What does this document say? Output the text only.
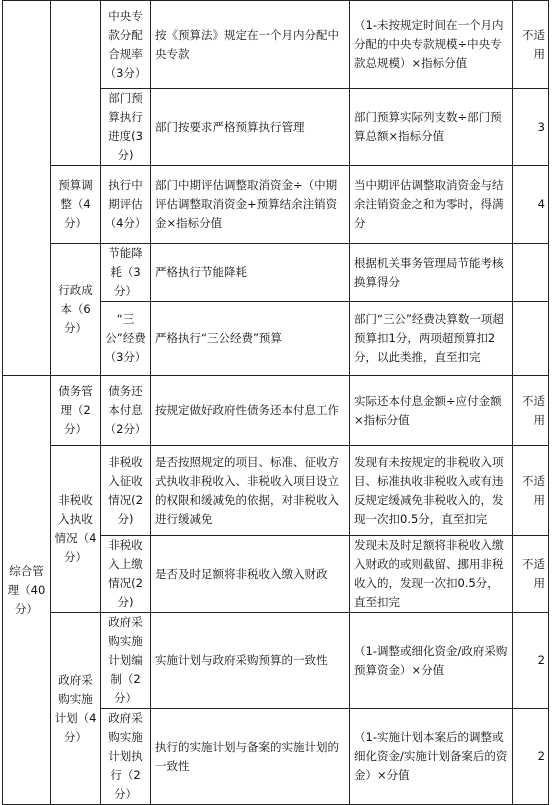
		中央专款分配合规率（3分）	按《预算法》规定在一个月内分配中央专款	（1-未按规定时间在一个月内分配的中央专款规模÷中央专款总规模）×指标分值	不适用
		部门预算执行进度(3分)	部门按要求严格预算执行管理	部门预算实际列支数÷部门预算总额×指标分值	3
	预算调整（4分）	执行中期评估（4分）	部门中期评估调整取消资金÷（中期评估调整取消资金+预算结余注销资金×指标分值	当中期评估调整取消资金与结余注销资金之和为零时，得满分	4
	行政成本（6分）	节能降耗（3分）	严格执行节能降耗	根据机关事务管理局节能考核换算得分	
		“三公”经费（3分）	严格执行“三公经费”预算	部门“三公”经费决算数一项超预算扣1分，两项超预算扣2分，以此类推，直至扣完	
综合管理（40分）	债务管理（2分）	债务还本付息（2分）	按规定做好政府性债务还本付息工作	实际还本付息金额÷应付金额×指标分值	不适用
	非税收入执收情况（4分）	非税收入征收情况(2分)	是否按照规定的项目、标准、征收方式执收非税收入、非税收入项目设立的权限和缓减免的依据，对非税收入进行缓减免	发现有未按规定的非税收入项目、标准执收非税收入或有违反规定缓减免非税收入的，发现一次扣0.5分，直至扣完	不适用
		非税收入上缴情况(2分)	是否及时足额将非税收入缴入财政	发现未及时足额将非税收入缴入财政的或则截留、挪用非税收入的，发现一次扣0.5分，直至扣完	不适用
	政府采购实施计划（4分）	政府采购实施计划编制（2分）	实施计划与政府采购预算的一致性	（1-调整或细化资金/政府采购预算资金）×分值	2
		政府采购实施计划执行（2分）	执行的实施计划与备案的实施计划的一致性	（1-实施计划本案后的调整或细化资金/实施计划备案后的资金）×分值	2
